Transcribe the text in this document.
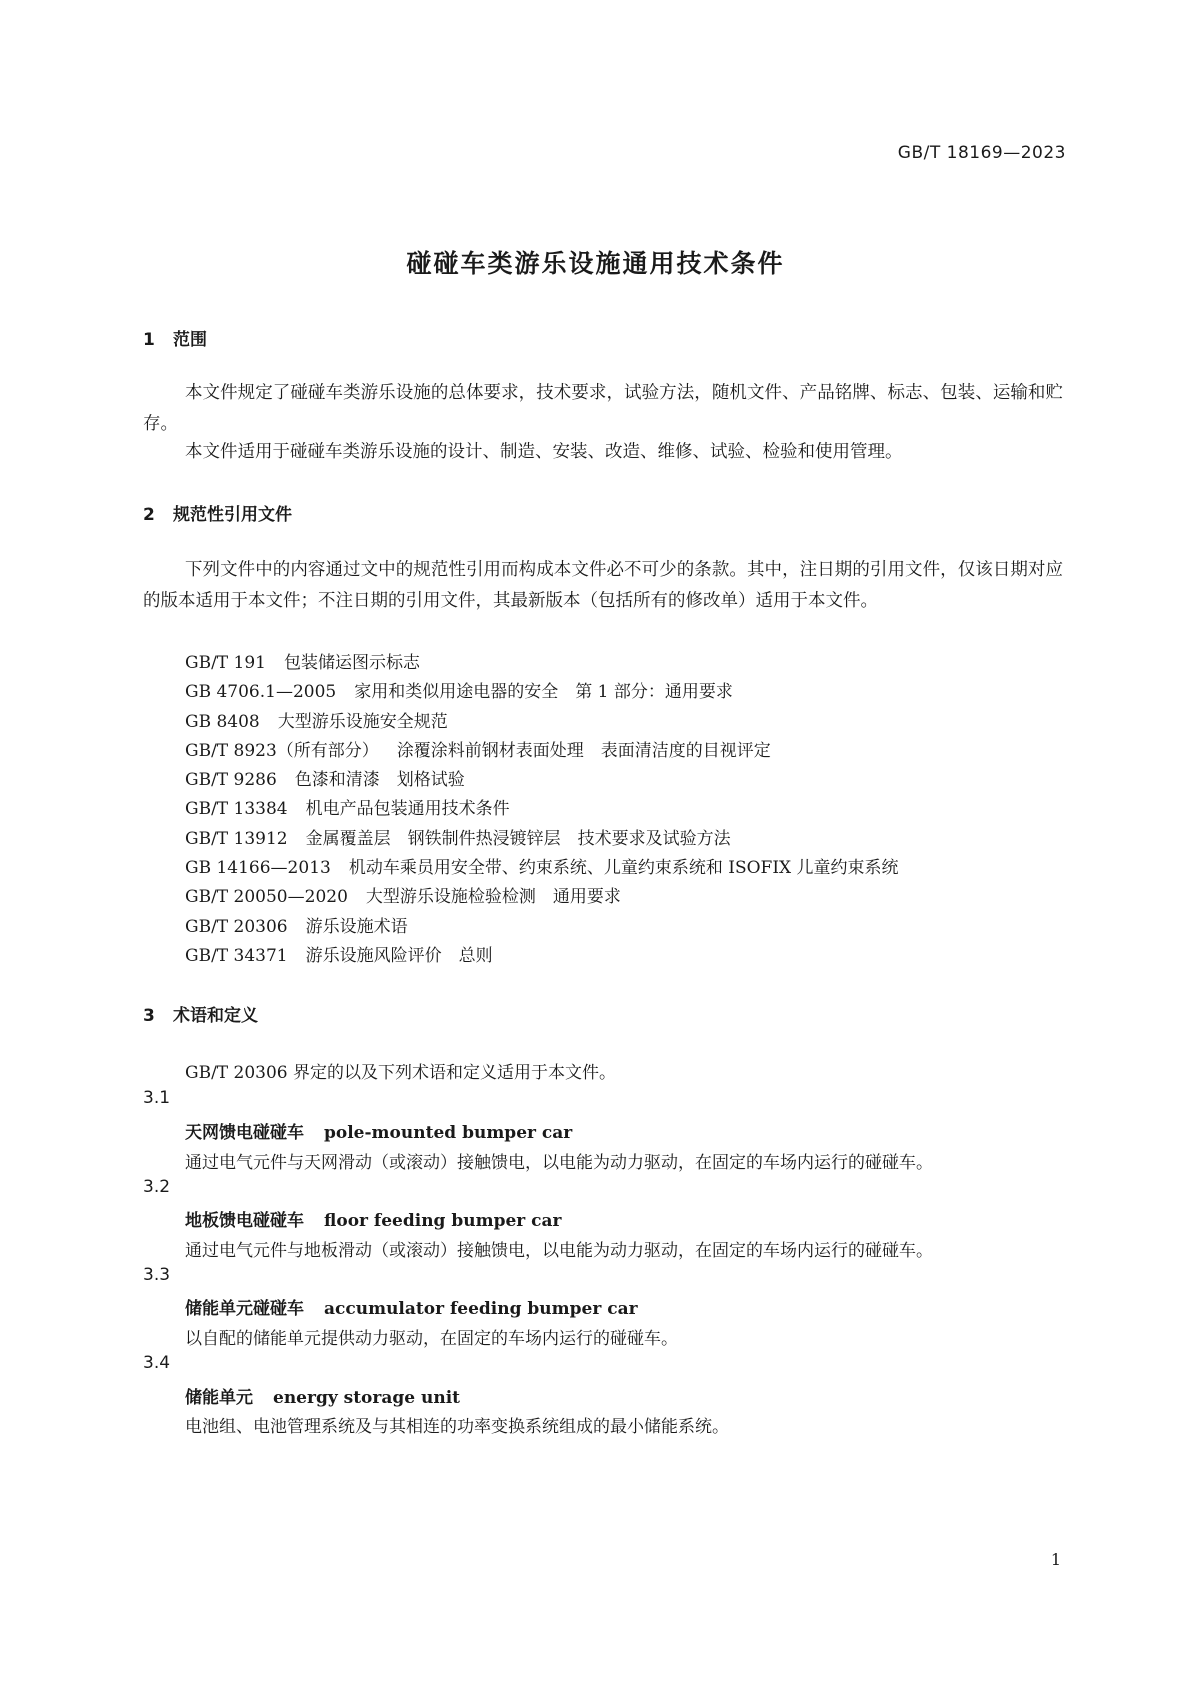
GB/T 18169—2023
碰碰车类游乐设施通用技术条件
1 范围
本文件规定了碰碰车类游乐设施的总体要求，技术要求，试验方法，随机文件、产品铭牌、标志、包装、运输和贮存。
本文件适用于碰碰车类游乐设施的设计、制造、安装、改造、维修、试验、检验和使用管理。
2 规范性引用文件
下列文件中的内容通过文中的规范性引用而构成本文件必不可少的条款。其中，注日期的引用文件，仅该日期对应的版本适用于本文件；不注日期的引用文件，其最新版本（包括所有的修改单）适用于本文件。
GB/T 191 包装储运图示标志
GB 4706.1—2005 家用和类似用途电器的安全　第 1 部分：通用要求
GB 8408 大型游乐设施安全规范
GB/T 8923（所有部分） 涂覆涂料前钢材表面处理　表面清洁度的目视评定
GB/T 9286 色漆和清漆　划格试验
GB/T 13384 机电产品包装通用技术条件
GB/T 13912 金属覆盖层　钢铁制件热浸镀锌层　技术要求及试验方法
GB 14166—2013 机动车乘员用安全带、约束系统、儿童约束系统和 ISOFIX 儿童约束系统
GB/T 20050—2020 大型游乐设施检验检测　通用要求
GB/T 20306 游乐设施术语
GB/T 34371 游乐设施风险评价　总则
3 术语和定义
GB/T 20306 界定的以及下列术语和定义适用于本文件。
3.1
天网馈电碰碰车 pole-mounted bumper car
通过电气元件与天网滑动（或滚动）接触馈电，以电能为动力驱动，在固定的车场内运行的碰碰车。
3.2
地板馈电碰碰车 floor feeding bumper car
通过电气元件与地板滑动（或滚动）接触馈电，以电能为动力驱动，在固定的车场内运行的碰碰车。
3.3
储能单元碰碰车 accumulator feeding bumper car
以自配的储能单元提供动力驱动，在固定的车场内运行的碰碰车。
3.4
储能单元 energy storage unit
电池组、电池管理系统及与其相连的功率变换系统组成的最小储能系统。
1
